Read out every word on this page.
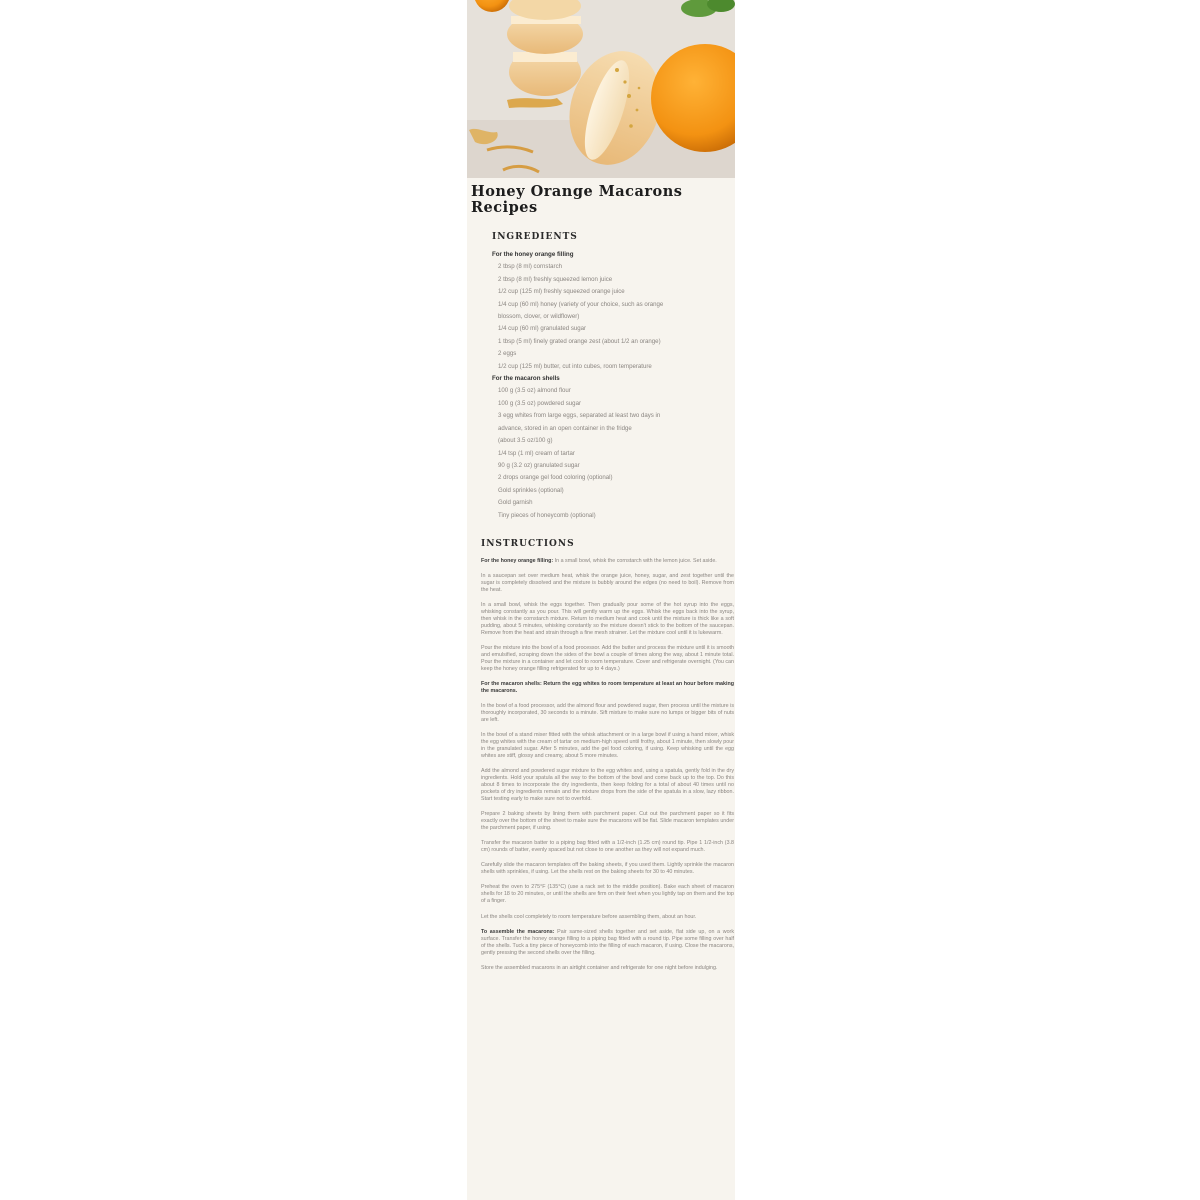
Honey Orange Macarons Recipes
INGREDIENTS
For the honey orange filling
2 tbsp (8 ml) cornstarch
2 tbsp (8 ml) freshly squeezed lemon juice
1/2 cup (125 ml) freshly squeezed orange juice
1/4 cup (60 ml) honey (variety of your choice, such as orange
blossom, clover, or wildflower)
1/4 cup (60 ml) granulated sugar
1 tbsp (5 ml) finely grated orange zest (about 1/2 an orange)
2 eggs
1/2 cup (125 ml) butter, cut into cubes, room temperature
For the macaron shells
100 g (3.5 oz) almond flour
100 g (3.5 oz) powdered sugar
3 egg whites from large eggs, separated at least two days in
advance, stored in an open container in the fridge
(about 3.5 oz/100 g)
1/4 tsp (1 ml) cream of tartar
90 g (3.2 oz) granulated sugar
2 drops orange gel food coloring (optional)
Gold sprinkles (optional)
Gold garnish
Tiny pieces of honeycomb (optional)
INSTRUCTIONS

For the honey orange filling: In a small bowl, whisk the cornstarch with the lemon juice. Set aside.

In a saucepan set over medium heat, whisk the orange juice, honey, sugar, and zest together until the sugar is completely dissolved and the mixture is bubbly around the edges (no need to boil). Remove from the heat.

In a small bowl, whisk the eggs together. Then gradually pour some of the hot syrup into the eggs, whisking constantly as you pour. This will gently warm up the eggs. Whisk the eggs back into the syrup, then whisk in the cornstarch mixture. Return to medium heat and cook until the mixture is thick like a soft pudding, about 5 minutes, whisking constantly so the mixture doesn't stick to the bottom of the saucepan. Remove from the heat and strain through a fine mesh strainer. Let the mixture cool until it is lukewarm.

Pour the mixture into the bowl of a food processor. Add the butter and process the mixture until it is smooth and emulsified, scraping down the sides of the bowl a couple of times along the way, about 1 minute total. Pour the mixture in a container and let cool to room temperature. Cover and refrigerate overnight. (You can keep the honey orange filling refrigerated for up to 4 days.)

For the macaron shells: Return the egg whites to room temperature at least an hour before making the macarons.

In the bowl of a food processor, add the almond flour and powdered sugar, then process until the mixture is thoroughly incorporated, 30 seconds to a minute. Sift mixture to make sure no lumps or bigger bits of nuts are left.

In the bowl of a stand mixer fitted with the whisk attachment or in a large bowl if using a hand mixer, whisk the egg whites with the cream of tartar on medium-high speed until frothy, about 1 minute, then slowly pour in the granulated sugar. After 5 minutes, add the gel food coloring, if using. Keep whisking until the egg whites are stiff, glossy and creamy, about 5 more minutes.

Add the almond and powdered sugar mixture to the egg whites and, using a spatula, gently fold in the dry ingredients. Hold your spatula all the way to the bottom of the bowl and come back up to the top. Do this about 8 times to incorporate the dry ingredients, then keep folding for a total of about 40 times until no pockets of dry ingredients remain and the mixture drops from the side of the spatula in a slow, lazy ribbon. Start testing early to make sure not to overfold.

Prepare 2 baking sheets by lining them with parchment paper. Cut out the parchment paper so it fits exactly over the bottom of the sheet to make sure the macarons will be flat. Slide macaron templates under the parchment paper, if using.

Transfer the macaron batter to a piping bag fitted with a 1/2-inch (1.25 cm) round tip. Pipe 1 1/2-inch (3.8 cm) rounds of batter, evenly spaced but not close to one another as they will not expand much.

Carefully slide the macaron templates off the baking sheets, if you used them. Lightly sprinkle the macaron shells with sprinkles, if using. Let the shells rest on the baking sheets for 30 to 40 minutes.

Preheat the oven to 275°F (135°C) (use a rack set to the middle position). Bake each sheet of macaron shells for 18 to 20 minutes, or until the shells are firm on their feet when you lightly tap on them and the top of a finger.

Let the shells cool completely to room temperature before assembling them, about an hour.

To assemble the macarons: Pair same-sized shells together and set aside, flat side up, on a work surface. Transfer the honey orange filling to a piping bag fitted with a round tip. Pipe some filling over half of the shells. Tuck a tiny piece of honeycomb into the filling of each macaron, if using. Close the macarons, gently pressing the second shells over the filling.

Store the assembled macarons in an airtight container and refrigerate for one night before indulging.
